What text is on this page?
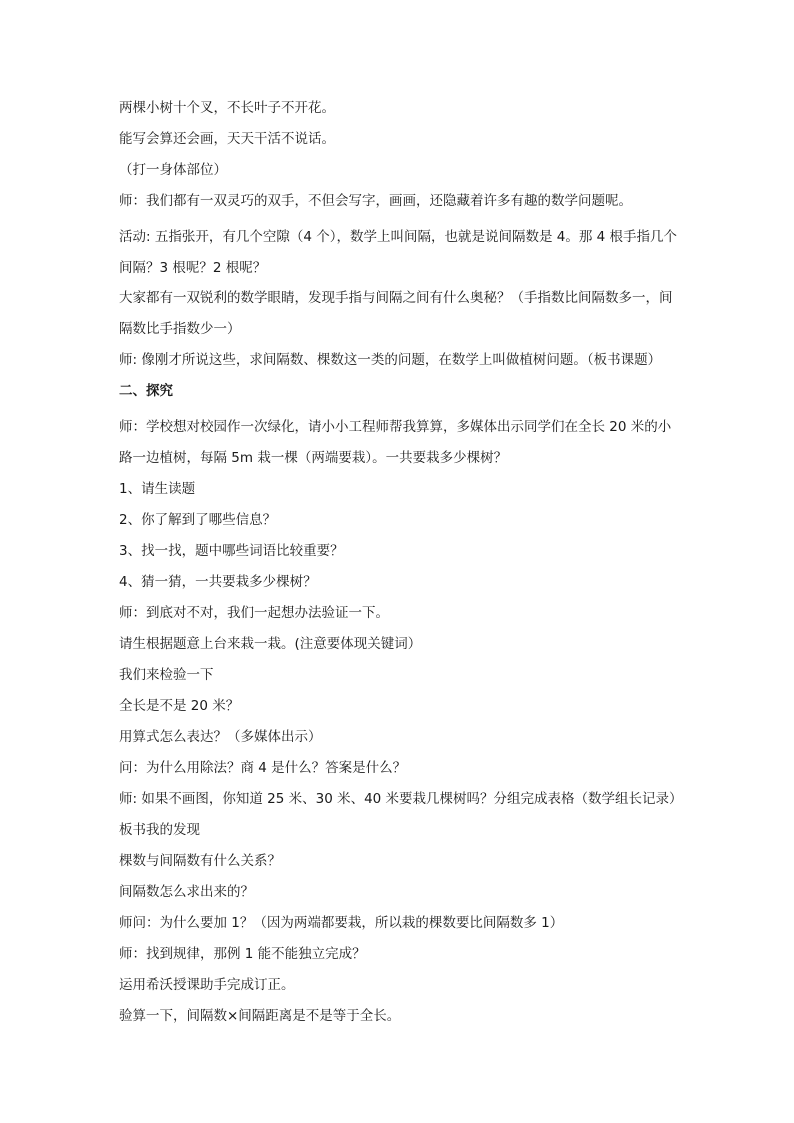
两棵小树十个叉，不长叶子不开花。
能写会算还会画，天天干活不说话。
（打一身体部位）
师：我们都有一双灵巧的双手，不但会写字，画画，还隐藏着许多有趣的数学问题呢。
活动: 五指张开，有几个空隙（4 个），数学上叫间隔，也就是说间隔数是 4。那 4 根手指几个间隔？3 根呢？2 根呢？
大家都有一双锐利的数学眼睛，发现手指与间隔之间有什么奥秘？（手指数比间隔数多一，间隔数比手指数少一）
师: 像刚才所说这些，求间隔数、棵数这一类的问题，在数学上叫做植树问题。（板书课题）
二、探究
师：学校想对校园作一次绿化，请小小工程师帮我算算，多媒体出示同学们在全长 20 米的小路一边植树，每隔 5m 栽一棵（两端要栽）。一共要栽多少棵树？
1、请生读题
2、你了解到了哪些信息？
3、找一找，题中哪些词语比较重要？
4、猜一猜，一共要栽多少棵树？
师：到底对不对，我们一起想办法验证一下。
请生根据题意上台来栽一栽。(注意要体现关键词）
我们来检验一下
全长是不是 20 米？
用算式怎么表达？（多媒体出示）
问：为什么用除法？商 4 是什么？答案是什么？
师: 如果不画图，你知道 25 米、30 米、40 米要栽几棵树吗？分组完成表格（数学组长记录）
板书我的发现
棵数与间隔数有什么关系？
间隔数怎么求出来的？
师问：为什么要加 1？（因为两端都要栽，所以栽的棵数要比间隔数多 1）
师：找到规律，那例 1 能不能独立完成？
运用希沃授课助手完成订正。
验算一下，间隔数×间隔距离是不是等于全长。
